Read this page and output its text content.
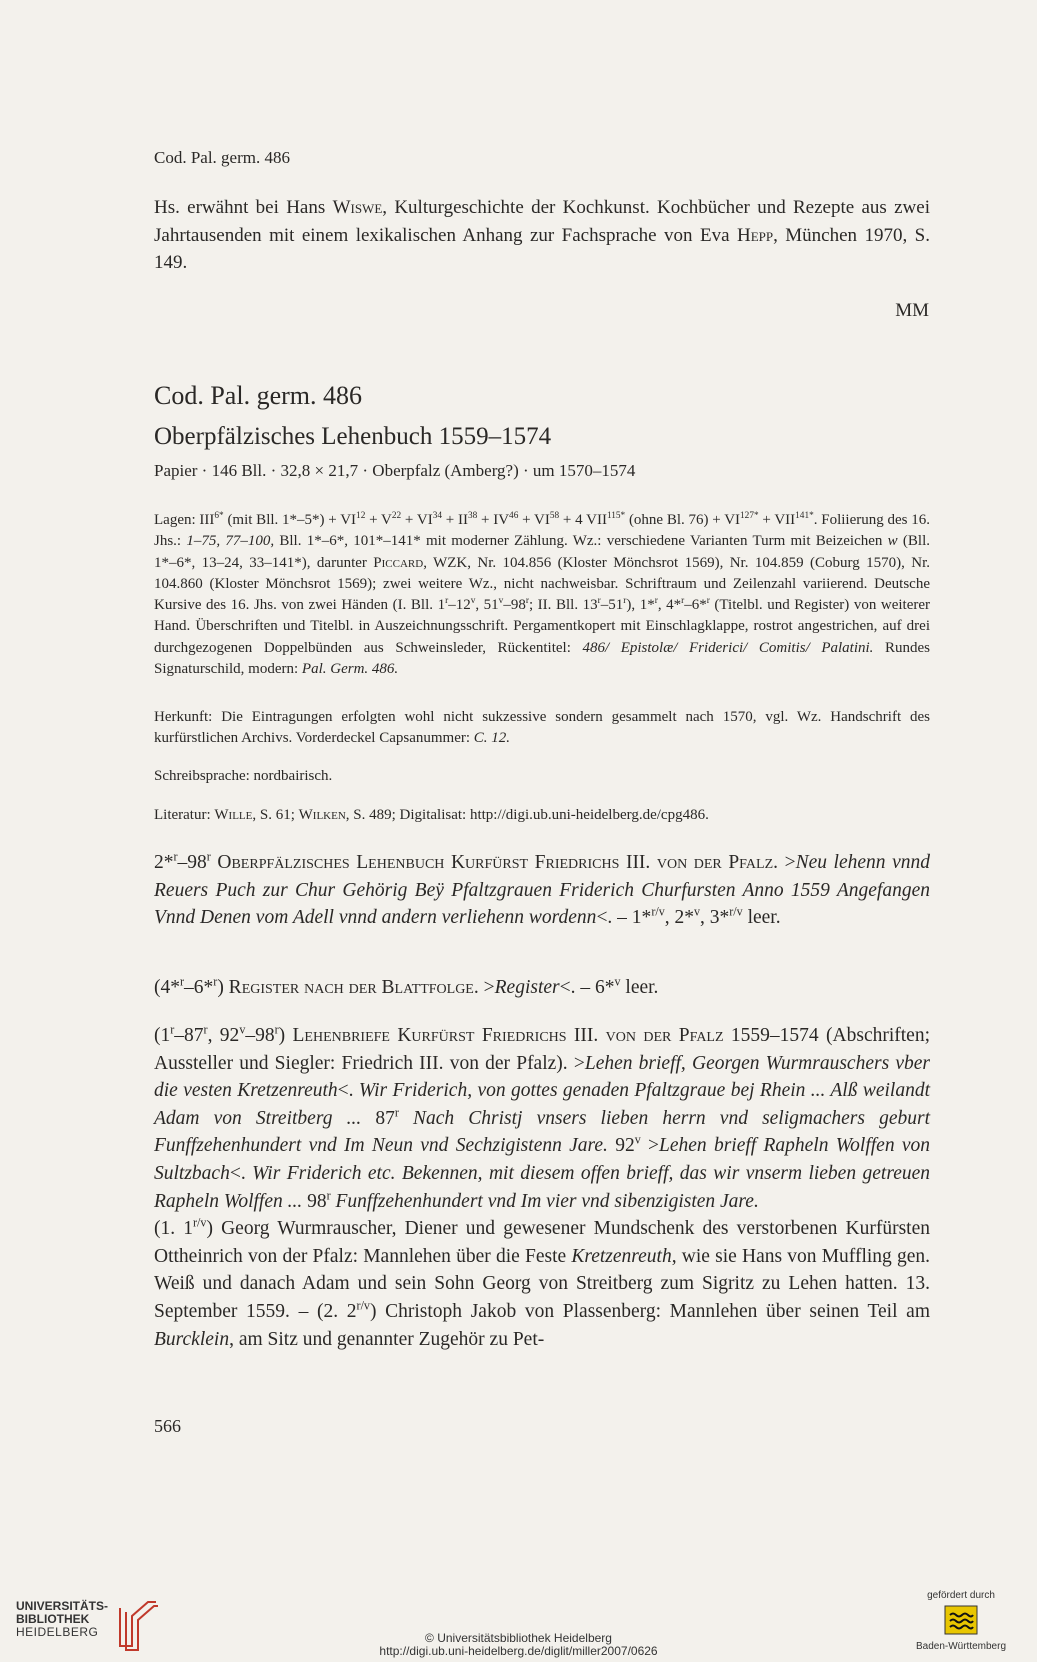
Cod. Pal. germ. 486
Hs. erwähnt bei Hans Wiswe, Kulturgeschichte der Kochkunst. Kochbücher und Rezepte aus zwei Jahrtausenden mit einem lexikalischen Anhang zur Fachsprache von Eva Hepp, München 1970, S. 149.
MM
Cod. Pal. germ. 486
Oberpfälzisches Lehenbuch 1559–1574
Papier · 146 Bll. · 32,8 × 21,7 · Oberpfalz (Amberg?) · um 1570–1574
Lagen: $III^{6*}$ (mit Bll. $1*-5*) + VI^{12} + V^{22} + VI^{34} + II^{38} + IV^{46} + VI^{58} + 4$ $VII^{115*}$ (ohne Bl. $76) + VI^{127*} + VII^{141*}$. Foliierung des 16. Jhs.: 1–75, 77–100, Bll. 1*–6*, 101*–141* mit moderner Zählung. Wz.: verschiedene Varianten Turm mit Beizeichen w (Bll. 1*–6*, 13–24, 33–141*), darunter Piccard, WZK, Nr. 104.856 (Kloster Mönchsrot 1569), Nr. 104.859 (Coburg 1570), Nr. 104.860 (Kloster Mönchsrot 1569); zwei weitere Wz., nicht nachweisbar. Schriftraum und Zeilenzahl variierend. Deutsche Kursive des 16. Jhs. von zwei Händen (I. Bll. 1$^r$–12$^v$, 51$^v$–98$^r$; II. Bll. 13$^r$–51$^r$), 1*$^r$, 4*$^r$–6*$^r$ (Titelbl. und Register) von weiterer Hand. Überschriften und Titelbl. in Auszeichnungsschrift. Pergamentkopert mit Einschlagklappe, rostrot angestrichen, auf drei durchgezogenen Doppelbünden aus Schweinsleder, Rückentitel: 486/ Epistolæ/ Friderici/ Comitis/ Palatini. Rundes Signaturschild, modern: Pal. Germ. 486.
Herkunft: Die Eintragungen erfolgten wohl nicht sukzessive sondern gesammelt nach 1570, vgl. Wz. Handschrift des kurfürstlichen Archivs. Vorderdeckel Capsanummer: C. 12.
Schreibsprache: nordbairisch.
Literatur: Wille, S. 61; Wilken, S. 489; Digitalisat: http://digi.ub.uni-heidelberg.de/cpg486.
2*$^r$–98$^r$ Oberpfälzisches Lehenbuch Kurfürst Friedrichs III. von der Pfalz. >Neu lehenn vnnd Reuers Puch zur Chur Gehörig Beÿ Pfaltzgrauen Friderich Churfursten Anno 1559 Angefangen Vnnd Denen vom Adell vnnd andern verliehenn wordenn<. – 1*$^{r/v}$, 2*$^v$, 3*$^{r/v}$ leer.
(4*$^r$–6*$^r$) Register nach der Blattfolge. >Register<. – 6*$^v$ leer.
(1$^r$–87$^r$, 92$^v$–98$^r$) Lehenbriefe Kurfürst Friedrichs III. von der Pfalz 1559–1574 (Abschriften; Aussteller und Siegler: Friedrich III. von der Pfalz). >Lehen brieff, Georgen Wurmrauschers vber die vesten Kretzenreuth<. Wir Friderich, von gottes genaden Pfaltzgraue bej Rhein ... Alß weilandt Adam von Streitberg ... 87$^r$ Nach Christj vnsers lieben herrn vnd seligmachers geburt Funffzehenhundert vnd Im Neun vnd Sechzigistenn Jare. $92^v$ >Lehen brieff Rapheln Wolffen von Sultzbach<. Wir Friderich etc. Bekennen, mit diesem offen brieff, das wir vnserm lieben getreuen Rapheln Wolffen ... 98$^r$ Funffzehenhundert vnd Im vier vnd sibenzigisten Jare.
(1. $1^{r/v}$) Georg Wurmrauscher, Diener und gewesener Mundschenk des verstorbenen Kurfürsten Ottheinrich von der Pfalz: Mannlehen über die Feste Kretzenreuth, wie sie Hans von Muffling gen. Weiß und danach Adam und sein Sohn Georg von Streitberg zum Sigritz zu Lehen hatten. 13. September 1559. – (2. $2^{r/v}$) Christoph Jakob von Plassenberg: Mannlehen über seinen Teil am Burcklein, am Sitz und genannter Zugehör zu Pet-
566
UNIVERSITÄTS-
BIBLIOTHEK
HEIDELBERG	© Universitätsbibliothek Heidelberg
http://digi.ub.uni-heidelberg.de/diglit/miller2007/0626
gefördert durch
Baden-Württemberg
